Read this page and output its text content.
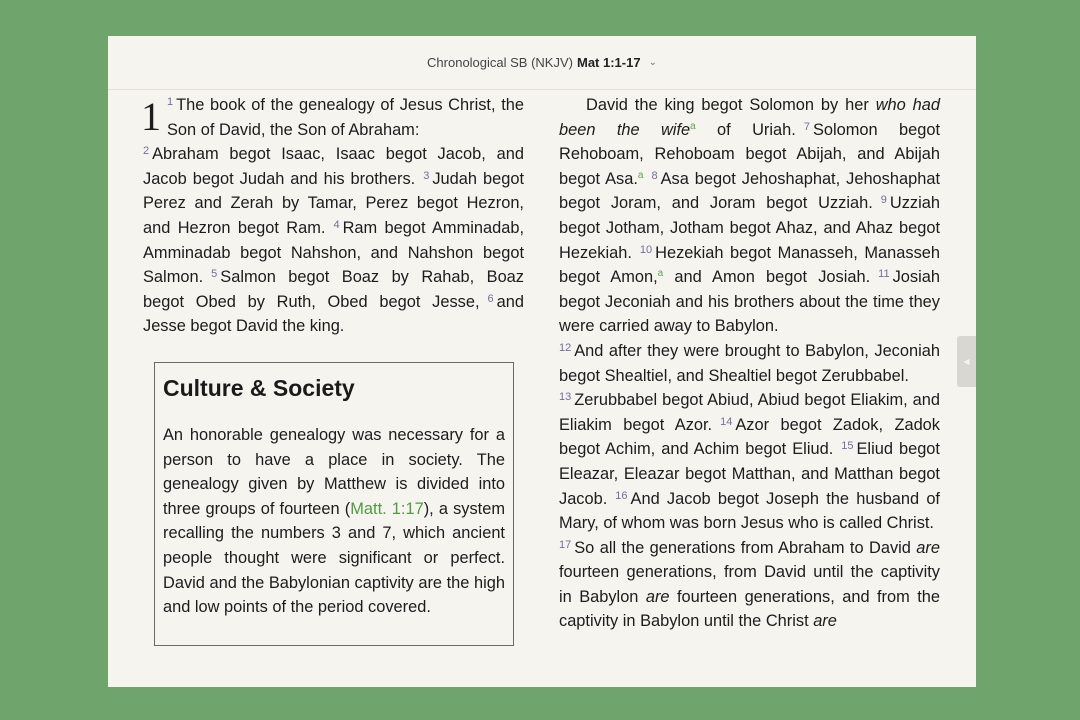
Chronological SB (NKJV) Mat 1:1-17 ⌄

1 $^1$ The book of the genealogy of Jesus Christ, the Son of David, the Son of Abraham:

$^2$ Abraham begot Isaac, Isaac begot Jacob, and Jacob begot Judah and his brothers. $^3$ Judah begot Perez and Zerah by Tamar, Perez begot Hezron, and Hezron begot Ram. $^4$ Ram begot Amminadab, Amminadab begot Nahshon, and Nahshon begot Salmon. $^5$ Salmon begot Boaz by Rahab, Boaz begot Obed by Ruth, Obed begot Jesse, $^6$ and Jesse begot David the king.

Culture & Society

An honorable genealogy was necessary for a person to have a place in society. The genealogy given by Matthew is divided into three groups of fourteen (Matt. 1:17), a system recalling the numbers 3 and 7, which ancient people thought were significant or perfect. David and the Babylonian captivity are the high and low points of the period covered.

David the king begot Solomon by her who had been the wife$^a$ of Uriah. $^7$ Solomon begot Rehoboam, Rehoboam begot Abijah, and Abijah begot Asa.$^a$ $^8$ Asa begot Jehoshaphat, Jehoshaphat begot Joram, and Joram begot Uzziah. $^9$ Uzziah begot Jotham, Jotham begot Ahaz, and Ahaz begot Hezekiah. $^{10}$ Hezekiah begot Manasseh, Manasseh begot Amon,$^a$ and Amon begot Josiah. $^{11}$ Josiah begot Jeconiah and his brothers about the time they were carried away to Babylon.

$^{12}$ And after they were brought to Babylon, Jeconiah begot Shealtiel, and Shealtiel begot Zerubbabel.

$^{13}$ Zerubbabel begot Abiud, Abiud begot Eliakim, and Eliakim begot Azor. $^{14}$ Azor begot Zadok, Zadok begot Achim, and Achim begot Eliud. $^{15}$ Eliud begot Eleazar, Eleazar begot Matthan, and Matthan begot Jacob. $^{16}$ And Jacob begot Joseph the husband of Mary, of whom was born Jesus who is called Christ.

$^{17}$ So all the generations from Abraham to David are fourteen generations, from David until the captivity in Babylon are fourteen generations, and from the captivity in Babylon until the Christ are

◀
